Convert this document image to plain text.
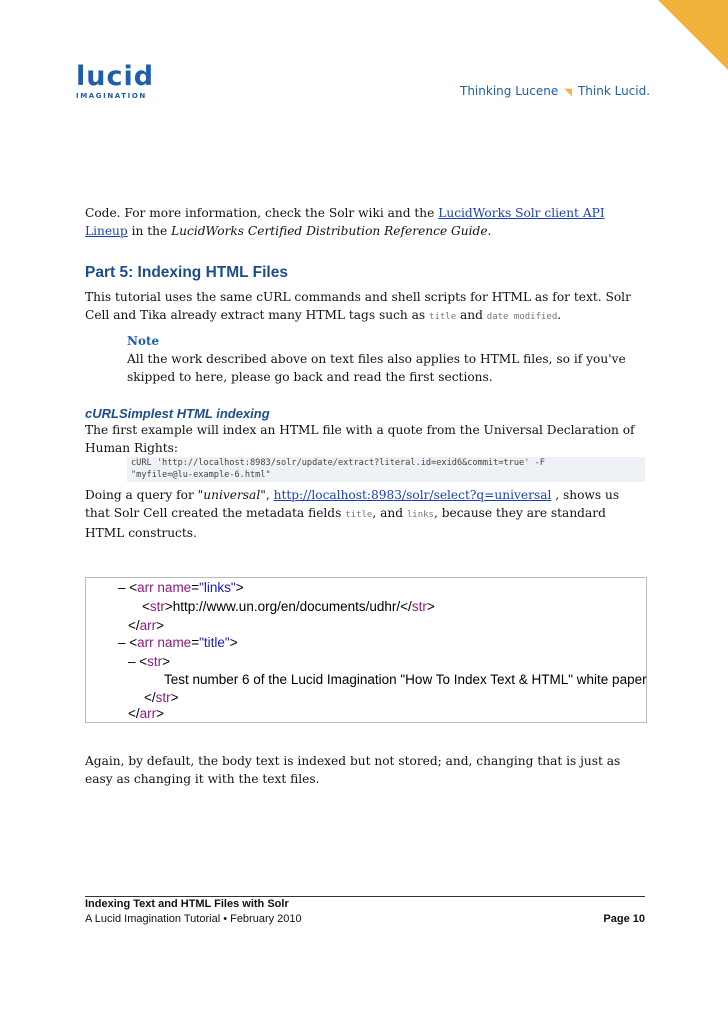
lucid
IMAGINATION	Thinking Lucene ◥ Think Lucid.

Code. For more information, check the Solr wiki and the LucidWorks Solr client API Lineup in the LucidWorks Certified Distribution Reference Guide.

Part 5: Indexing HTML Files

This tutorial uses the same cURL commands and shell scripts for HTML as for text. Solr Cell and Tika already extract many HTML tags such as title and date modified.

Note

All the work described above on text files also applies to HTML files, so if you've skipped to here, please go back and read the first sections.

cURLSimplest HTML indexing

The first example will index an HTML file with a quote from the Universal Declaration of Human Rights:

cURL 'http://localhost:8983/solr/update/extract?literal.id=exid6&commit=true' -F
"myfile=@lu-example-6.html"

Doing a query for "universal", http://localhost:8983/solr/select?q=universal , shows us that Solr Cell created the metadata fields title, and links, because they are standard HTML constructs.

– <arr name="links">
<str>http://www.un.org/en/documents/udhr/</str>
</arr>
– <arr name="title">
– <str>
Test number 6 of the Lucid Imagination "How To Index Text & HTML" white paper
</str>
</arr>

Again, by default, the body text is indexed but not stored; and, changing that is just as easy as changing it with the text files.

Indexing Text and HTML Files with Solr
A Lucid Imagination Tutorial • February 2010	Page 10
